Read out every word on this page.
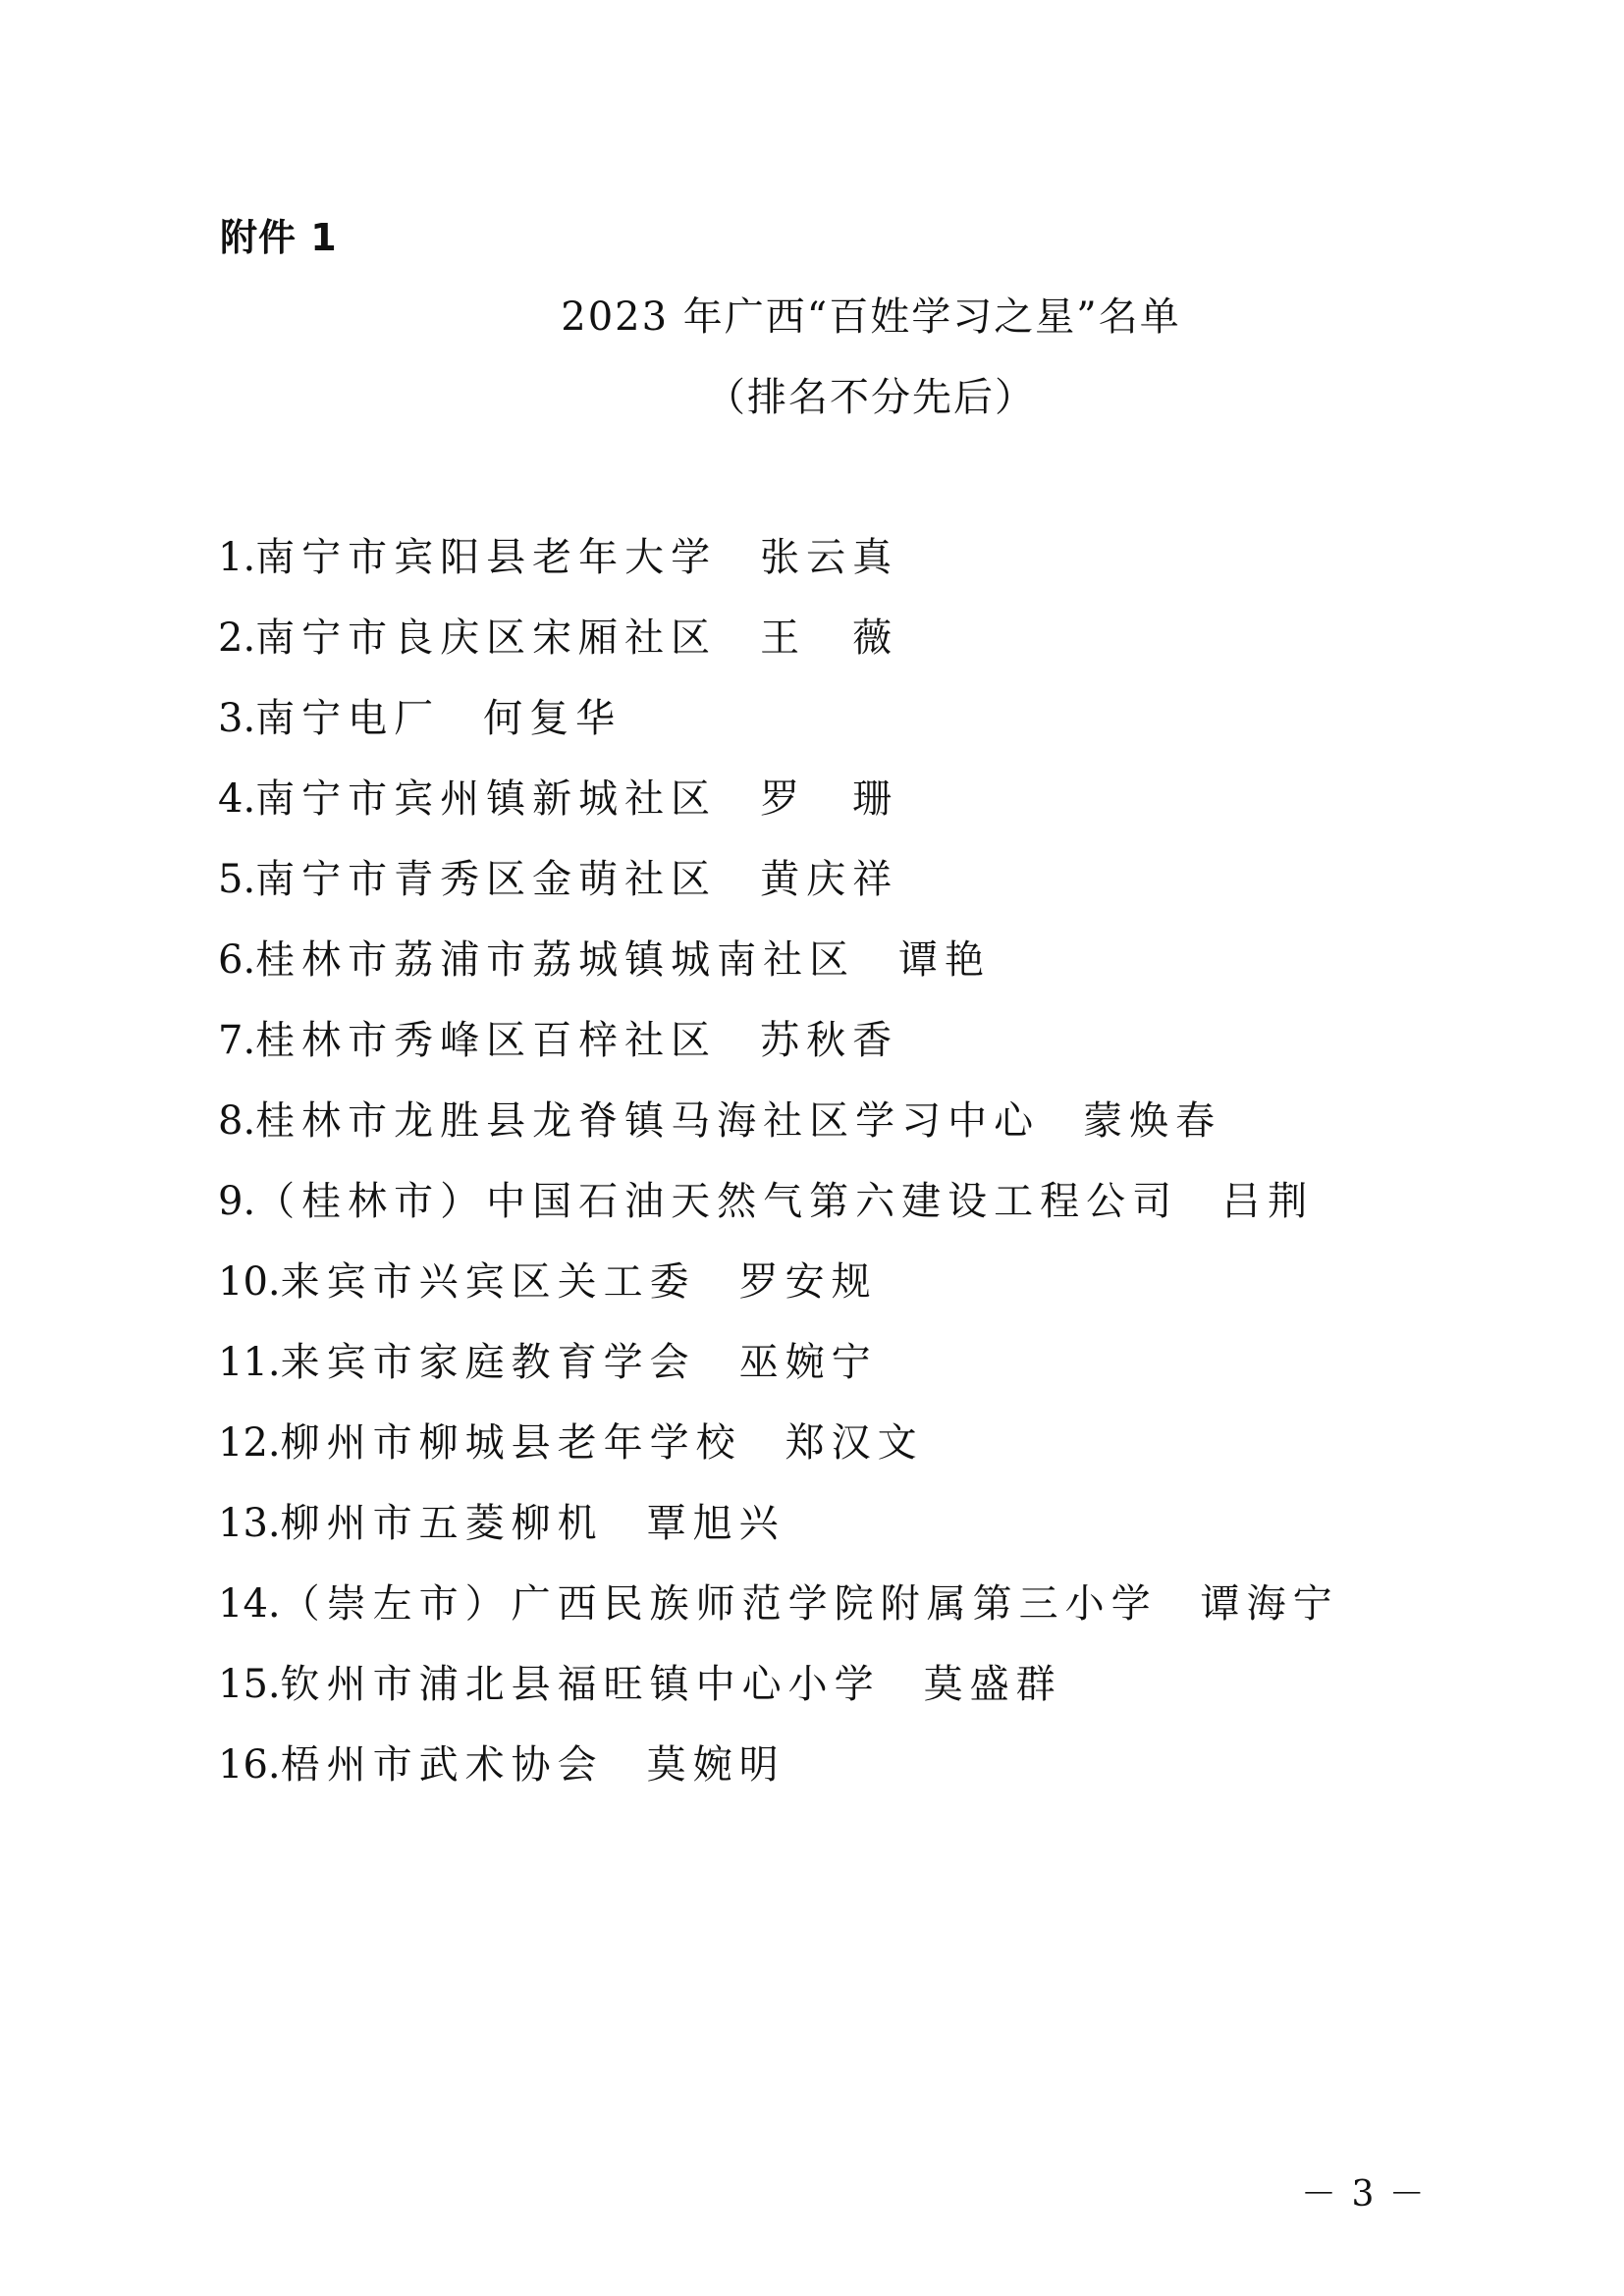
附件 1
2023 年广西“百姓学习之星”名单
（排名不分先后）
1.南宁市宾阳县老年大学 张云真
2.南宁市良庆区宋厢社区 王　薇
3.南宁电厂 何复华
4.南宁市宾州镇新城社区 罗　珊
5.南宁市青秀区金萌社区 黄庆祥
6.桂林市荔浦市荔城镇城南社区 谭艳
7.桂林市秀峰区百梓社区 苏秋香
8.桂林市龙胜县龙脊镇马海社区学习中心 蒙焕春
9.（桂林市）中国石油天然气第六建设工程公司 吕荆
10.来宾市兴宾区关工委 罗安规
11.来宾市家庭教育学会 巫婉宁
12.柳州市柳城县老年学校 郑汉文
13.柳州市五菱柳机 覃旭兴
14.（崇左市）广西民族师范学院附属第三小学 谭海宁
15.钦州市浦北县福旺镇中心小学 莫盛群
16.梧州市武术协会 莫婉明
－ 3 －
